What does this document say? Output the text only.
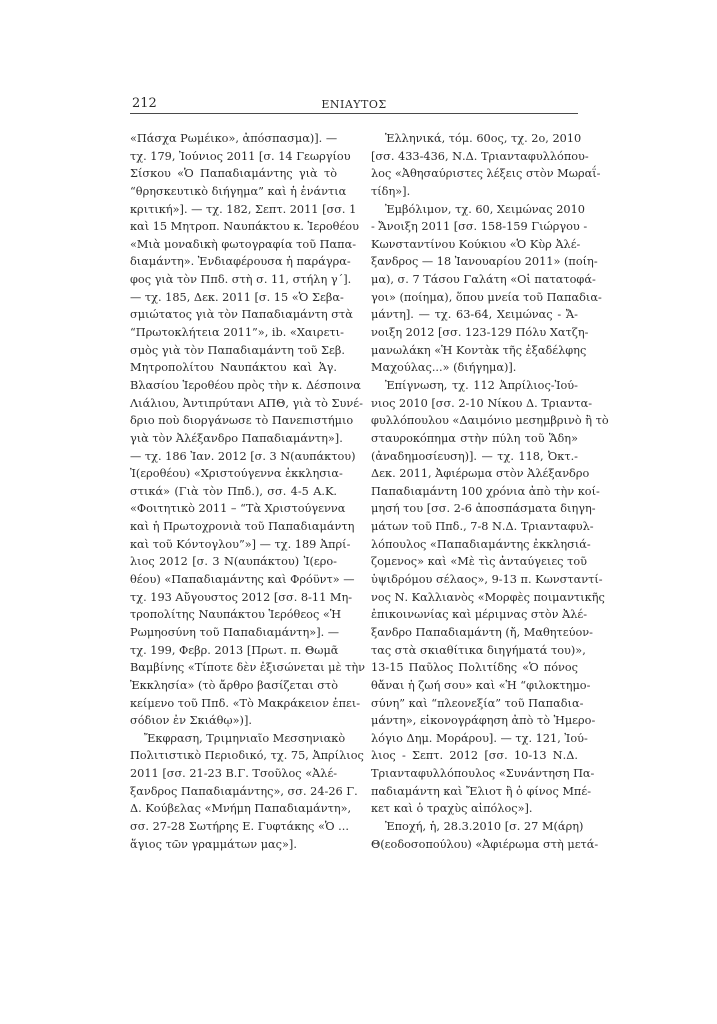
212	ΕΝΙΑΥΤΟΣ
«Πάσχα Ρωμέικο», ἀπόσπασμα)]. —
τχ. 179, Ἰούνιος 2011 [σ. 14 Γεωργίου
Σίσκου «Ὁ Παπαδιαμάντης γιὰ τὸ
“θρησκευτικὸ διήγημα” καὶ ἡ ἐνάντια
κριτική»]. — τχ. 182, Σεπτ. 2011 [σσ. 1
καὶ 15 Μητροπ. Ναυπάκτου κ. Ἱεροθέου
«Μιὰ μοναδικὴ φωτογραφία τοῦ Παπα-
διαμάντη». Ἐνδιαφέρουσα ἡ παράγρα-
φος γιὰ τὸν Ππδ. στὴ σ. 11, στήλη γ´].
— τχ. 185, Δεκ. 2011 [σ. 15 «Ὁ Σεβα-
σμιώτατος γιὰ τὸν Παπαδιαμάντη στὰ
“Πρωτοκλήτεια 2011”», ib. «Χαιρετι-
σμὸς γιὰ τὸν Παπαδιαμάντη τοῦ Σεβ.
Μητροπολίτου Ναυπάκτου καὶ Ἁγ.
Βλασίου Ἱεροθέου πρὸς τὴν κ. Δέσποινα
Λιάλιου, Ἀντιπρύτανι ΑΠΘ, γιὰ τὸ Συνέ-
δριο ποὺ διοργάνωσε τὸ Πανεπιστήμιο
γιὰ τὸν Ἀλέξανδρο Παπαδιαμάντη»].
— τχ. 186 Ἰαν. 2012 [σ. 3 Ν(αυπάκτου)
Ἰ(εροθέου) «Χριστούγεννα ἐκκλησια-
στικά» (Γιὰ τὸν Ππδ.), σσ. 4-5 Α.Κ.
«Φοιτητικὸ 2011 – “Τὰ Χριστούγεννα
καὶ ἡ Πρωτοχρονιὰ τοῦ Παπαδιαμάντη
καὶ τοῦ Κόντογλου”»] — τχ. 189 Ἀπρί-
λιος 2012 [σ. 3 Ν(αυπάκτου) Ἰ(ερο-
θέου) «Παπαδιαμάντης καὶ Φρόϋντ» —
τχ. 193 Αὔγουστος 2012 [σσ. 8-11 Μη-
τροπολίτης Ναυπάκτου Ἱερόθεος «Ἡ
Ρωμηοσύνη τοῦ Παπαδιαμάντη»]. —
τχ. 199, Φεβρ. 2013 [Πρωτ. π. Θωμᾶ
Βαμβίνης «Τίποτε δὲν ἐξισώνεται μὲ τὴν
Ἐκκλησία» (τὸ ἄρθρο βασίζεται στὸ
κείμενο τοῦ Ππδ. «Τὸ Μακράκειον ἐπει-
σόδιον ἐν Σκιάθῳ»)].
Ἔκφραση, Τριμηνιαῖο Μεσσηνιακὸ
Πολιτιστικὸ Περιοδικό, τχ. 75, Ἀπρίλιος
2011 [σσ. 21-23 Β.Γ. Τσοῦλος «Ἀλέ-
ξανδρος Παπαδιαμάντης», σσ. 24-26 Γ.
Δ. Κούβελας «Μνήμη Παπαδιαμάντη»,
σσ. 27-28 Σωτήρης Ε. Γυφτάκης «Ὁ ...
ἅγιος τῶν γραμμάτων μας»].
Ἑλληνικά, τόμ. 60ος, τχ. 2ο, 2010
[σσ. 433-436, Ν.Δ. Τριανταφυλλόπου-
λος «Ἀθησαύριστες λέξεις στὸν Μωραΐ-
τίδη»].
Ἐμβόλιμον, τχ. 60, Χειμώνας 2010
- Ἄνοιξη 2011 [σσ. 158-159 Γιώργου -
Κωνσταντίνου Κούκιου «Ὁ Κὺρ Ἀλέ-
ξανδρος — 18 Ἰανουαρίου 2011» (ποίη-
μα), σ. 7 Τάσου Γαλάτη «Οἱ πατατοφά-
γοι» (ποίημα), ὅπου μνεία τοῦ Παπαδια-
μάντη]. — τχ. 63-64, Χειμώνας - Ἄ-
νοιξη 2012 [σσ. 123-129 Πόλυ Χατζη-
μανωλάκη «Ἡ Κοντὰκ τῆς ἐξαδέλφης
Μαχούλας...» (διήγημα)].
Ἐπίγνωση, τχ. 112 Ἀπρίλιος-Ἰού-
νιος 2010 [σσ. 2-10 Νίκου Δ. Τριαντα-
φυλλόπουλου «Δαιμόνιο μεσημβρινὸ ἢ τὸ
σταυροκόπημα στὴν πύλη τοῦ Ἅδη»
(ἀναδημοσίευση)]. — τχ. 118, Ὀκτ.-
Δεκ. 2011, Ἀφιέρωμα στὸν Ἀλέξανδρο
Παπαδιαμάντη 100 χρόνια ἀπὸ τὴν κοί-
μησή του [σσ. 2-6 ἀποσπάσματα διηγη-
μάτων τοῦ Ππδ., 7-8 Ν.Δ. Τριανταφυλ-
λόπουλος «Παπαδιαμάντης ἐκκλησιά-
ζομενος» καὶ «Μὲ τὶς ἀνταύγειες τοῦ
ὑψιδρόμου σέλαος», 9-13 π. Κωνσταντί-
νος Ν. Καλλιανὸς «Μορφὲς ποιμαντικῆς
ἐπικοινωνίας καὶ μέριμνας στὸν Ἀλέ-
ξανδρο Παπαδιαμάντη (ἤ, Μαθητεύον-
τας στὰ σκιαθίτικα διηγήματά του)»,
13-15 Παῦλος Πολιτίδης «Ὁ πόνος
θἄναι ἡ ζωή σου» καὶ «Ἡ “φιλοκτημο-
σύνη” καὶ “πλεονεξία” τοῦ Παπαδια-
μάντη», εἰκονογράφηση ἀπὸ τὸ Ἡμερο-
λόγιο Δημ. Μοράρου]. — τχ. 121, Ἰού-
λιος - Σεπτ. 2012 [σσ. 10-13 Ν.Δ.
Τριανταφυλλόπουλος «Συνάντηση Πα-
παδιαμάντη καὶ Ἔλιοτ ἢ ὁ φίνος Μπέ-
κετ καὶ ὁ τραχὺς αἰπόλος»].
Ἐποχή, ἡ, 28.3.2010 [σ. 27 Μ(άρη)
Θ(εοδοσοπούλου) «Ἀφιέρωμα στὴ μετά-
